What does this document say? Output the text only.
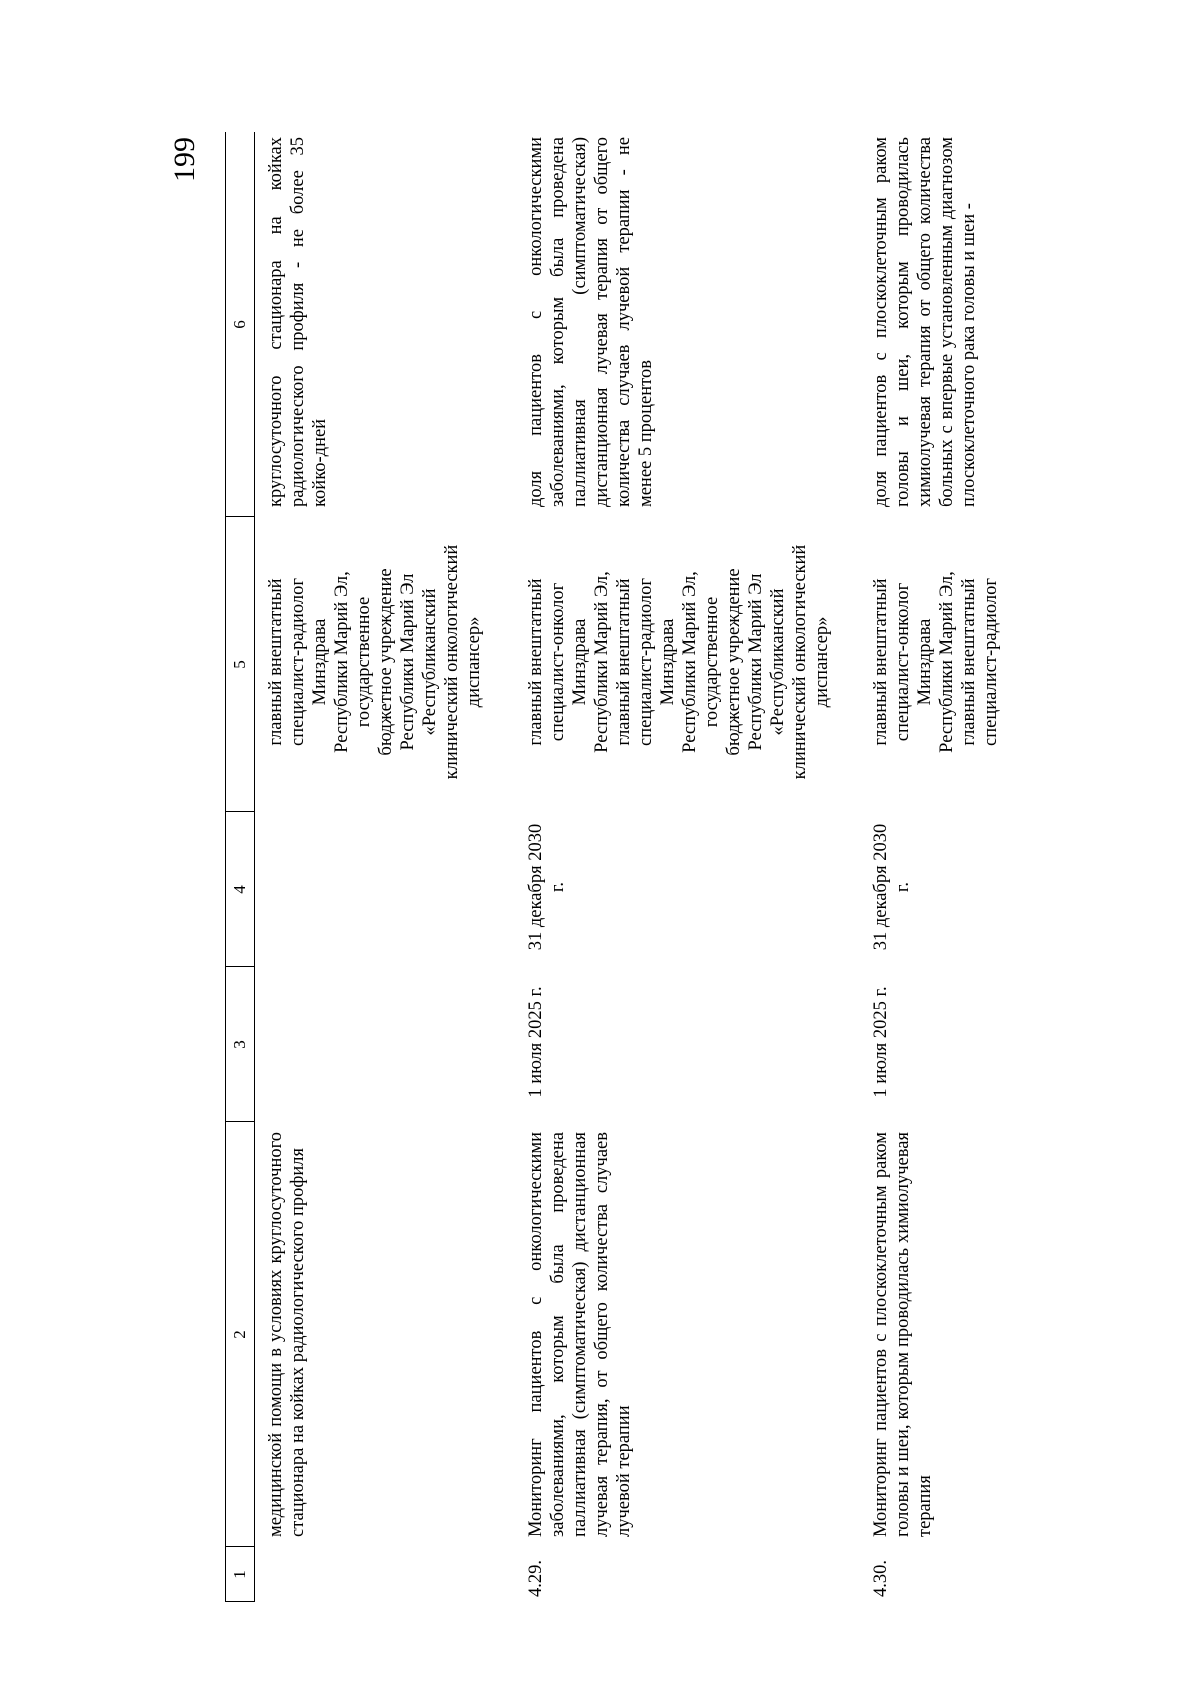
199
1
2
3
4
5
6
медицинской помощи в условиях круглосуточного стационара на койках радиологического профиля
главный внештатный специалист-радиолог Минздрава Республики Марий Эл, государственное бюджетное учреждение Республики Марий Эл «Республиканский клинический онкологический диспансер»
круглосуточного стационара на койках радиологического профиля - не более 35 койко-дней
4.29.
Мониторинг пациентов с онкологическими заболеваниями, которым была проведена паллиативная (симптоматическая) дистанционная лучевая терапия, от общего количества случаев лучевой терапии
1 июля 2025 г.
31 декабря 2030 г.
главный внештатный специалист-онколог Минздрава Республики Марий Эл, главный внештатный специалист-радиолог Минздрава Республики Марий Эл, государственное бюджетное учреждение Республики Марий Эл «Республиканский клинический онкологический диспансер»
доля пациентов с онкологическими заболеваниями, которым была проведена паллиативная (симптоматическая) дистанционная лучевая терапия от общего количества случаев лучевой терапии - не менее 5 процентов
4.30.
Мониторинг пациентов с плоскоклеточным раком головы и шеи, которым проводилась химиолучевая терапия
1 июля 2025 г.
31 декабря 2030 г.
главный внештатный специалист-онколог Минздрава Республики Марий Эл, главный внештатный специалист-радиолог
доля пациентов с плоскоклеточным раком головы и шеи, которым проводилась химиолучевая терапия от общего количества больных с впервые установленным диагнозом плоскоклеточного рака головы и шеи -
